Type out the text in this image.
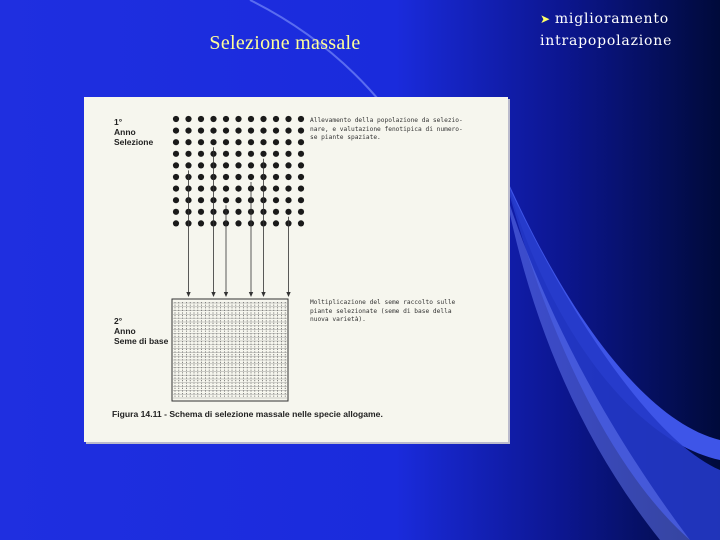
Selezione massale
➤ miglioramento
intrapopolazione
1°
Anno
Selezione
2°
Anno
Seme di base
Allevamento della popolazione da selezio-
nare, e valutazione fenotipica di numero-
se piante spaziate.
Moltiplicazione del seme raccolto sulle
piante selezionate (seme di base della
nuova varietà).
Figura 14.11 - Schema di selezione massale nelle specie allogame.
